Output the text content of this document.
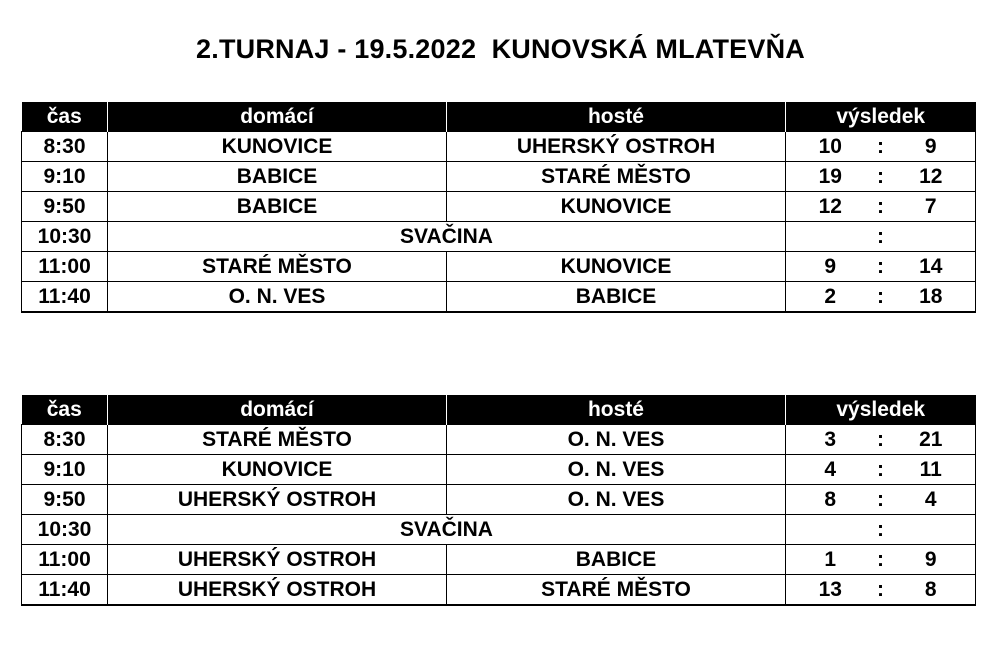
2.TURNAJ - 19.5.2022  KUNOVSKÁ MLATEVŇA
čas	domácí	hosté	výsledek		
8:30	KUNOVICE	UHERSKÝ OSTROH	10	:	9
9:10	BABICE	STARÉ MĚSTO	19	:	12
9:50	BABICE	KUNOVICE	12	:	7
10:30	SVAČINA			:	
11:00	STARÉ MĚSTO	KUNOVICE	9	:	14
11:40	O. N. VES	BABICE	2	:	18
čas	domácí	hosté	výsledek		
8:30	STARÉ MĚSTO	O. N. VES	3	:	21
9:10	KUNOVICE	O. N. VES	4	:	11
9:50	UHERSKÝ OSTROH	O. N. VES	8	:	4
10:30	SVAČINA			:	
11:00	UHERSKÝ OSTROH	BABICE	1	:	9
11:40	UHERSKÝ OSTROH	STARÉ MĚSTO	13	:	8
